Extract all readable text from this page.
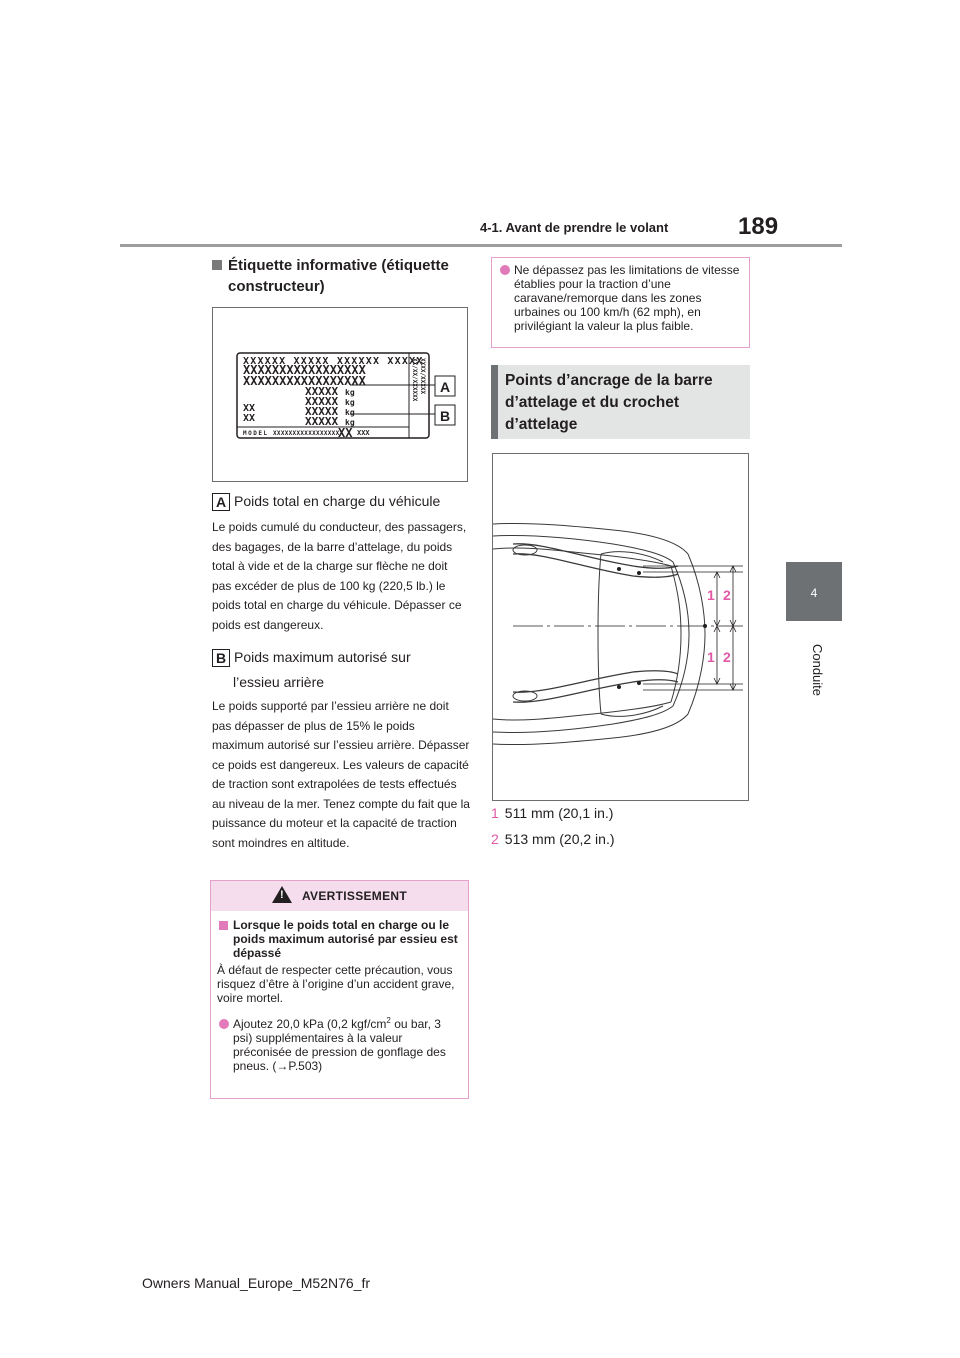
4-1. Avant de prendre le volant	189
4
Conduite
Étiquette informative (étiquette constructeur)
XXXXXX XXXXX XXXXXX XXXXX
XXXXXXXXXXXXXXXXX
XXXXXXXXXXXXXXXXX
XXXXX
XXXXX
XXXXX
XXXXX
kg
kg
kg
kg
XX
XX
MODEL XXXXXXXXXXXXXXXXXX
XX XXX
XX/XX/XXXXXX XXXX/XXXXX A
B
A Poids total en charge du véhicule
Le poids cumulé du conducteur, des passagers, des bagages, de la barre d’attelage, du poids total à vide et de la charge sur flèche ne doit pas excéder de plus de 100 kg (220,5 lb.) le poids total en charge du véhicule. Dépasser ce poids est dangereux.
B Poids maximum autorisé sur
l’essieu arrière
Le poids supporté par l’essieu arrière ne doit pas dépasser de plus de 15% le poids maximum autorisé sur l’essieu arrière. Dépasser ce poids est dangereux. Les valeurs de capacité de traction sont extrapolées de tests effectués au niveau de la mer. Tenez compte du fait que la puissance du moteur et la capacité de traction sont moindres en altitude.
! AVERTISSEMENT
Lorsque le poids total en charge ou le poids maximum autorisé par essieu est dépassé
À défaut de respecter cette précaution, vous risquez d’être à l’origine d’un accident grave, voire mortel.
Ajoutez 20,0 kPa (0,2 kgf/$cm^2$ ou bar, 3 psi) supplémentaires à la valeur préconisée de pression de gonflage des pneus. (→P.503)
Ne dépassez pas les limitations de vitesse établies pour la traction d’une caravane/remorque dans les zones urbaines ou 100 km/h (62 mph), en privilégiant la valeur la plus faible.
Points d’ancrage de la barre d’attelage et du crochet d’attelage
1 2
1 2
1 511 mm (20,1 in.)
2 513 mm (20,2 in.)
Owners Manual_Europe_M52N76_fr
